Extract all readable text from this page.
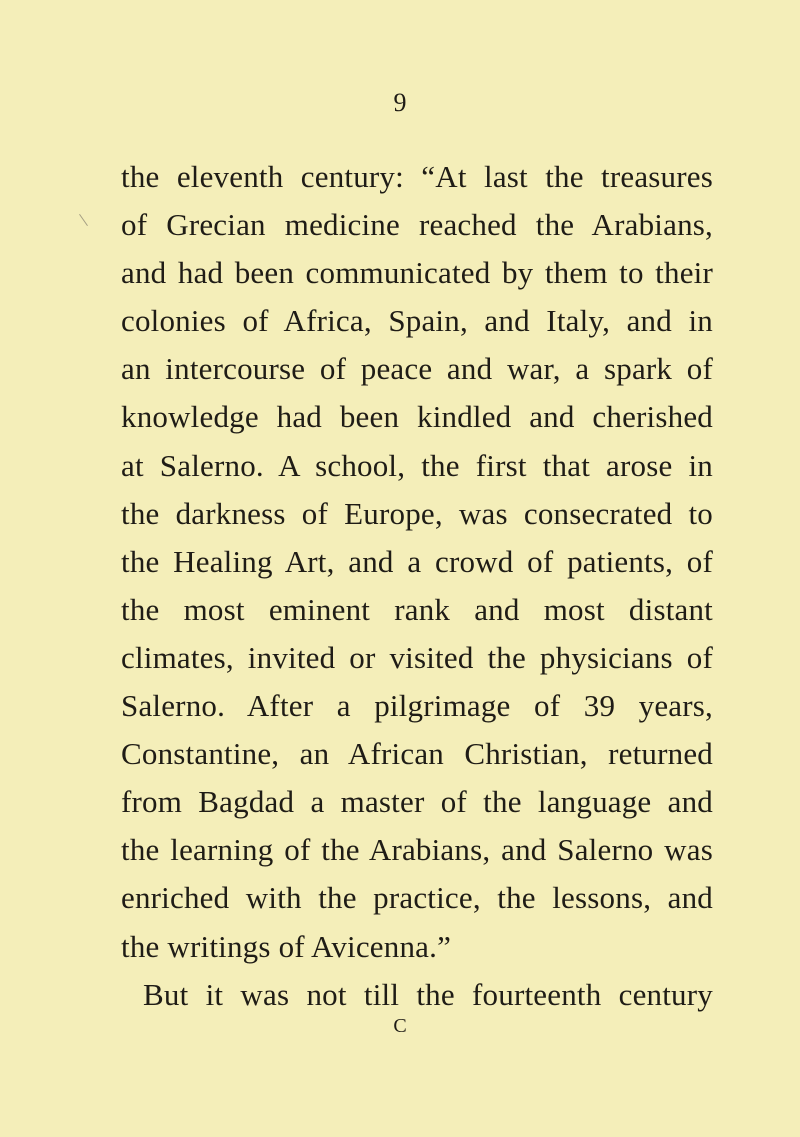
9
the eleventh century: “At last the treasures
of Grecian medicine reached the Arabians,
and had been communicated by them to their
colonies of Africa, Spain, and Italy, and in
an intercourse of peace and war, a spark of
knowledge had been kindled and cherished
at Salerno. A school, the first that arose in
the darkness of Europe, was consecrated to
the Healing Art, and a crowd of patients, of
the most eminent rank and most distant
climates, invited or visited the physicians of
Salerno. After a pilgrimage of 39 years,
Constantine, an African Christian, returned
from Bagdad a master of the language and
the learning of the Arabians, and Salerno was
enriched with the practice, the lessons, and
the writings of Avicenna.”
But it was not till the fourteenth century
C
